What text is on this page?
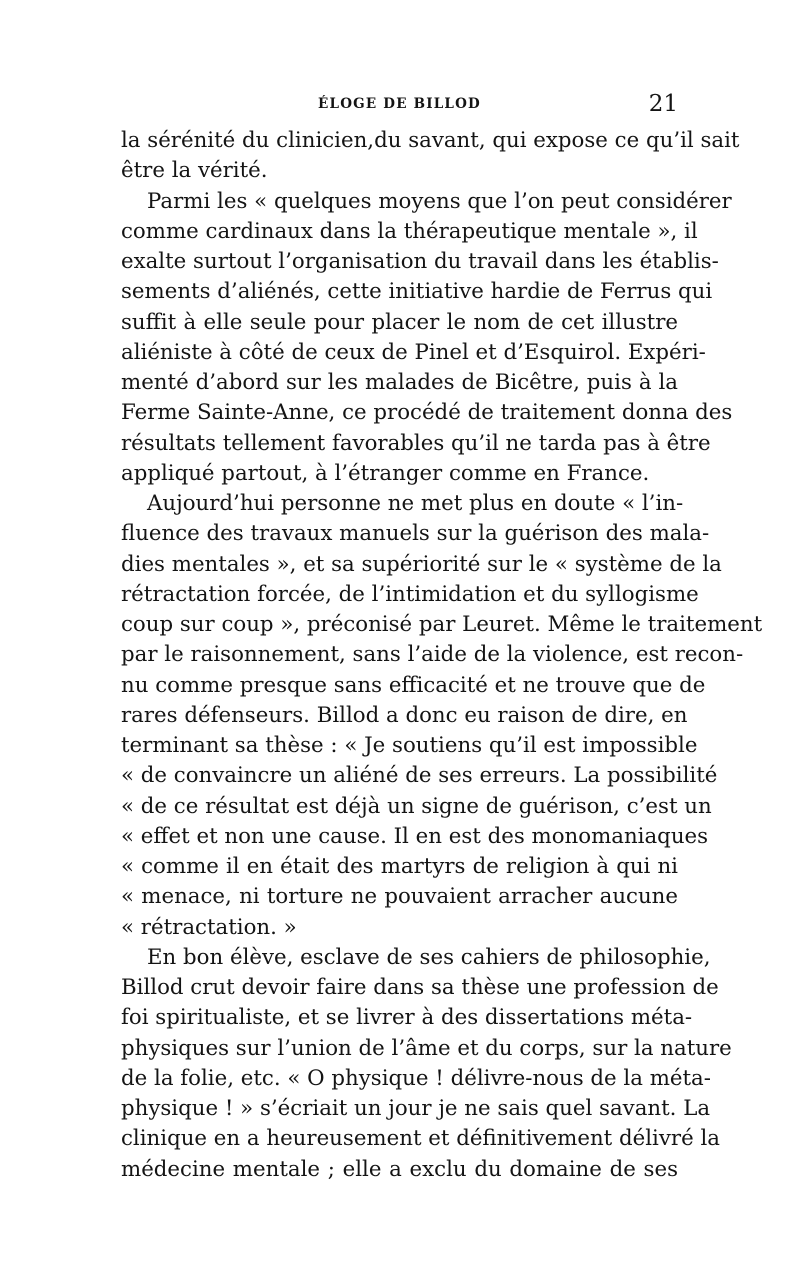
ÉLOGE DE BILLOD	21
la sérénité du clinicien,du savant, qui expose ce qu’il sait
être la vérité.
Parmi les « quelques moyens que l’on peut considérer
comme cardinaux dans la thérapeutique mentale », il
exalte surtout l’organisation du travail dans les établis-
sements d’aliénés, cette initiative hardie de Ferrus qui
suffit à elle seule pour placer le nom de cet illustre
aliéniste à côté de ceux de Pinel et d’Esquirol. Expéri-
menté d’abord sur les malades de Bicêtre, puis à la
Ferme Sainte-Anne, ce procédé de traitement donna des
résultats tellement favorables qu’il ne tarda pas à être
appliqué partout, à l’étranger comme en France.
Aujourd’hui personne ne met plus en doute « l’in-
fluence des travaux manuels sur la guérison des mala-
dies mentales », et sa supériorité sur le « système de la
rétractation forcée, de l’intimidation et du syllogisme
coup sur coup », préconisé par Leuret. Même le traitement
par le raisonnement, sans l’aide de la violence, est recon-
nu comme presque sans efficacité et ne trouve que de
rares défenseurs. Billod a donc eu raison de dire, en
terminant sa thèse : « Je soutiens qu’il est impossible
« de convaincre un aliéné de ses erreurs. La possibilité
« de ce résultat est déjà un signe de guérison, c’est un
« effet et non une cause. Il en est des monomaniaques
« comme il en était des martyrs de religion à qui ni
« menace, ni torture ne pouvaient arracher aucune
« rétractation. »
En bon élève, esclave de ses cahiers de philosophie,
Billod crut devoir faire dans sa thèse une profession de
foi spiritualiste, et se livrer à des dissertations méta-
physiques sur l’union de l’âme et du corps, sur la nature
de la folie, etc. « O physique ! délivre-nous de la méta-
physique ! » s’écriait un jour je ne sais quel savant. La
clinique en a heureusement et définitivement délivré la
médecine mentale ; elle a exclu du domaine de ses
